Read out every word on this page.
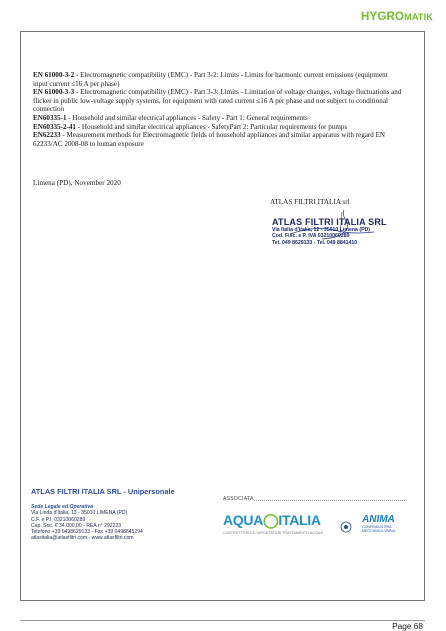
HYGROMATIK

EN 61000-3-2 - Electromagnetic compatibility (EMC) - Part 3-2: Limits - Limits for harmonic current emissions (equipment input current ≤16 A per phase)

EN 61000-3-3 - Electromagnetic compatibility (EMC) - Part 3-3: Limits - Limitation of voltage changes, voltage fluctuations and flicker in public low-voltage supply systems, for equipment with rated current ≤16 A per phase and not subject to conditional connection

EN60335-1 - Household and similar electrical appliances - Safety - Part 1: General requirements

EN60335-2-41 - Household and similar electrical appliances - SafetyPart 2: Particular requirements for pumps

EN62233 - Measurement methods for Electromagnetic fields of household appliances and similar apparatus with regard EN 62233/AC 2008-08 to human exposure

Limena (PD), November 2020
ATLAS FILTRI ITALIA srl
ATLAS FILTRI ITALIA SRL
Via Italia d'Italia, 12 - 35010 Limena (PD)
Cod. Fisc. e P. IVA 03210060289
Tel. 049 8629133 - Tel. 049 8841410
ATLAS FILTRI ITALIA SRL - Unipersonale
Sede Legale ed Operativa
Via Linda d'Italia, 13 - 35010 LIMENA (PD)
C.F. e P.I. 03210060289
Cap. Soc. € 34.000,00 - REA n° 292223
Telefono +39 0498629133 - Fax +39 0498845294
atlasitalia@atlasfiltri.com - www.atlasfiltri.com
ASSOCIATA
AQUA◯ITALIA
COSTRUTTORI ED IMPORTATORI TRATTAMENTO ACQUA
ANIMA
CONFINDUSTRIA
MECCANICA VARIA
Page 68
